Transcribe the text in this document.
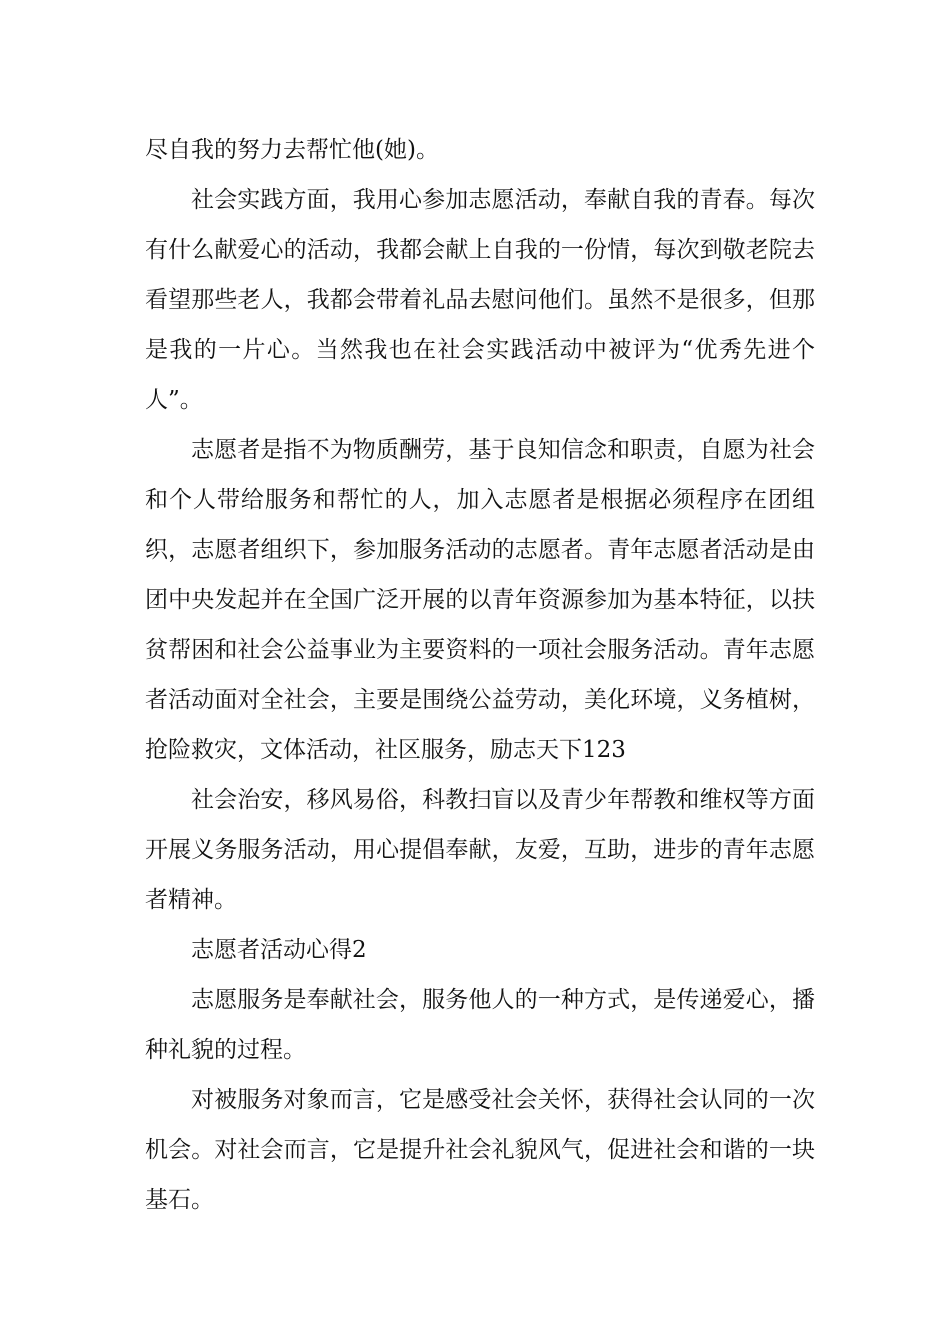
尽自我的努力去帮忙他(她)。

社会实践方面，我用心参加志愿活动，奉献自我的青春。每次有什么献爱心的活动，我都会献上自我的一份情，每次到敬老院去看望那些老人，我都会带着礼品去慰问他们。虽然不是很多，但那是我的一片心。当然我也在社会实践活动中被评为“优秀先进个人”。

志愿者是指不为物质酬劳，基于良知信念和职责，自愿为社会和个人带给服务和帮忙的人，加入志愿者是根据必须程序在团组织，志愿者组织下，参加服务活动的志愿者。青年志愿者活动是由团中央发起并在全国广泛开展的以青年资源参加为基本特征，以扶贫帮困和社会公益事业为主要资料的一项社会服务活动。青年志愿者活动面对全社会，主要是围绕公益劳动，美化环境，义务植树，抢险救灾，文体活动，社区服务，励志天下123

社会治安，移风易俗，科教扫盲以及青少年帮教和维权等方面开展义务服务活动，用心提倡奉献，友爱，互助，进步的青年志愿者精神。

志愿者活动心得2

志愿服务是奉献社会，服务他人的一种方式，是传递爱心，播种礼貌的过程。

对被服务对象而言，它是感受社会关怀，获得社会认同的一次机会。对社会而言，它是提升社会礼貌风气，促进社会和谐的一块基石。
